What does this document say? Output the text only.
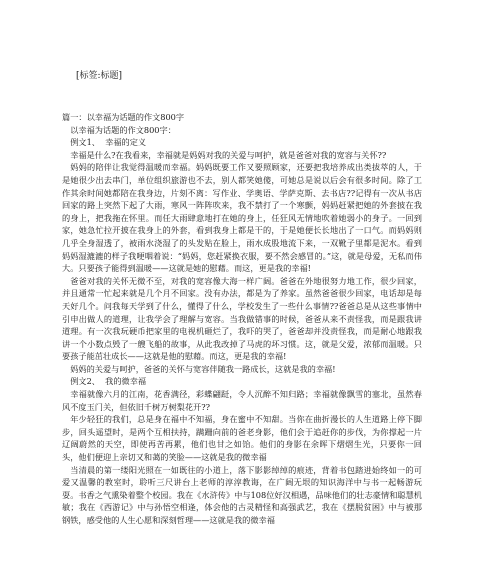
[标签:标题]

篇一：以幸福为话题的作文800字

以幸福为话题的作文800字：

例文1、  幸福的定义

幸福是什么?在我看来，幸福就是妈妈对我的关爱与呵护，就是爸爸对我的宽容与关怀??

妈妈的陪伴让我觉得温暖而幸福。妈妈既要工作又要照顾家，还要把我培养成出类拔萃的人，于是她很少出去串门，单位组织旅游也不去，别人都笑她傻，可她总是说以后会有很多时间。除了工作其余时间她都陪在我身边，片刻不离：写作业、学奥语、学萨克斯、去书店??记得有一次从书店回家的路上突然下起了大雨，寒风一阵阵吹来，我不禁打了一个寒颤，妈妈赶紧把她的外套披在我的身上，把我拖在怀里。而任大雨肆意地打在她的身上，任狂风无情地吹着她弱小的身子。一回到家，她急忙拉开披在我身上的外套，看到我身上都是干的，于是她便长长地出了一口气。而妈妈则几乎全身湿透了，被雨水浇湿了的头发贴在脸上，雨水成股地流下来，一双靴子里都是泥水。看到妈妈湿漉漉的样子我哽咽着说：“妈妈，您赶紧换衣服，要不然会感冒的。”这，就是母爱，无私而伟大。只要孩子能得到温暖——这就是她的慰藉。而这，更是我的幸福!

爸爸对我的关怀无微不至，对我的宽容像大海一样广阔。爸爸在外地很努力地工作，很少回家，并且通常一忙起来就是几个月不回家。没有办法，都是为了养家。虽然爸爸很少回家，电话却是每天好几个。问我每天学到了什么，懂得了什么，学校发生了一些什么事情??爸爸总是从这些事情中引申出做人的道理，让我学会了理解与宽容。当我做错事的时候，爸爸从来不责怪我，而是跟我讲道理。有一次我玩硬币把家里的电视机砸烂了，我吓的哭了，爸爸却并没责怪我，而是耐心地跟我讲一个小数点毁了一艘飞船的故事，从此我改掉了马虎的坏习惯。这，就是父爱，浓郁而温暖。只要孩子能茁壮成长——这就是他的慰藉。而这，更是我的幸福!

妈妈的关爱与呵护，爸爸的关怀与宽容伴随我一路成长，这就是我的幸福!

例文2、  我的微幸福

幸福就像六月的江南，花香满径，彩蝶翩跹，令人沉醉不知归路；幸福就像飘雪的塞北，虽然春风不度玉门关，但依旧千树万树梨花开??

年少轻狂的我们，总是身在福中不知福，身在蜜中不知甜。当你在曲折漫长的人生道路上停下脚步，回头遥望时，是两个互相扶持，蹒跚向前的爸老身影，他们会于追赶你的步伐，为你撑起一片辽阔蔚然的天空，即使再苦再累，他们也甘之如饴。他们的身影在余晖下熠熠生光，只要你一回头，他们便迎上亲切又和蔼的笑脸——这就是我的微幸福

当清晨的第一缕阳光照在一如既往的小道上，落下影影绰绰的痕迹，背着书包踏进始终如一的可爱又温馨的教室时，聆听三尺讲台上老师的淳淳教诲，在广阔无垠的知识海洋中与书一起畅游玩耍。书香之气熏染着整个校园。我在《水浒传》中与108位好汉相遇，品味他们的壮志豪情和聪慧机敏；我在《西游记》中与孙悟空相逢，体会他的古灵精怪和高强武艺，我在《摆脱贫困》中与被那钢铁，感受他的人生心愿和深刻哲理——这就是我的微幸福
